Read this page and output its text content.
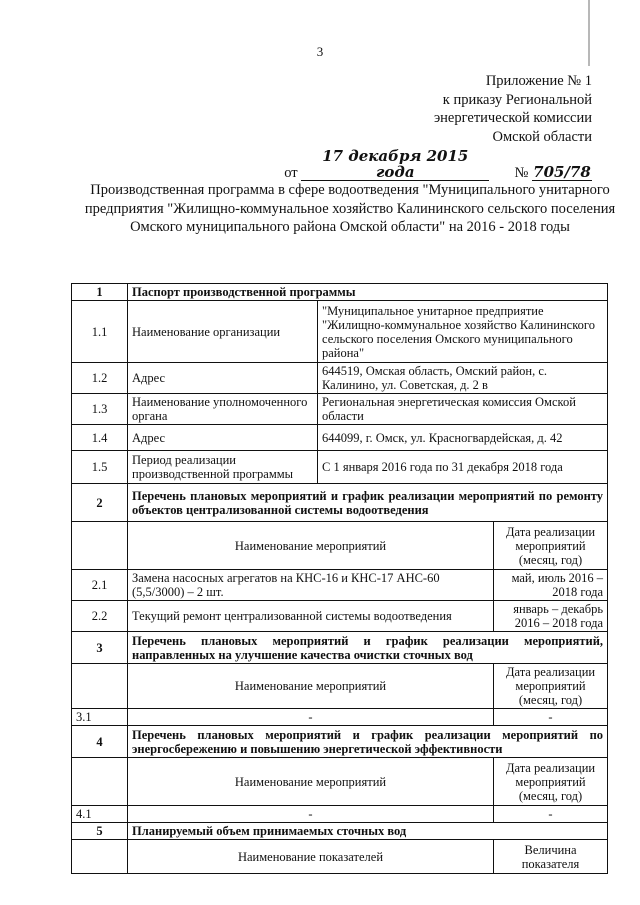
3
Приложение № 1
к приказу Региональной
энергетической комиссии
Омской области
от 17 декабря 2015 года	№ 705/78
Производственная программа в сфере водоотведения "Муниципального унитарного предприятия "Жилищно-коммунальное хозяйство Калининского сельского поселения Омского муниципального района Омской области" на 2016 - 2018 годы
1	Паспорт производственной программы		
1.1	Наименование организации	"Муниципальное унитарное предприятие "Жилищно-коммунальное хозяйство Калининского сельского поселения Омского муниципального района"	
1.2	Адрес	644519, Омская область, Омский район, с. Калинино, ул. Советская, д. 2 в	
1.3	Наименование уполномоченного органа	Региональная энергетическая комиссия Омской области	
1.4	Адрес	644099, г. Омск, ул. Красногвардейская, д. 42	
1.5	Период реализации производственной программы	С 1 января 2016 года по 31 декабря 2018 года	
2	Перечень плановых мероприятий и график реализации мероприятий по ремонту объектов централизованной системы водоотведения		
	Наименование мероприятий		Дата реализации мероприятий (месяц, год)
2.1	Замена насосных агрегатов на КНС-16 и КНС-17 АНС-60 (5,5/3000) – 2 шт.		май, июль 2016 – 2018 года
2.2	Текущий ремонт централизованной системы водоотведения		январь – декабрь 2016 – 2018 года
3	Перечень плановых мероприятий и график реализации мероприятий, направленных на улучшение качества очистки сточных вод		
	Наименование мероприятий		Дата реализации мероприятий (месяц, год)
3.1	-		-
4	Перечень плановых мероприятий и график реализации мероприятий по энергосбережению и повышению энергетической эффективности		
	Наименование мероприятий		Дата реализации мероприятий (месяц, год)
4.1	-		-
5	Планируемый объем принимаемых сточных вод		
	Наименование показателей		Величина показателя
